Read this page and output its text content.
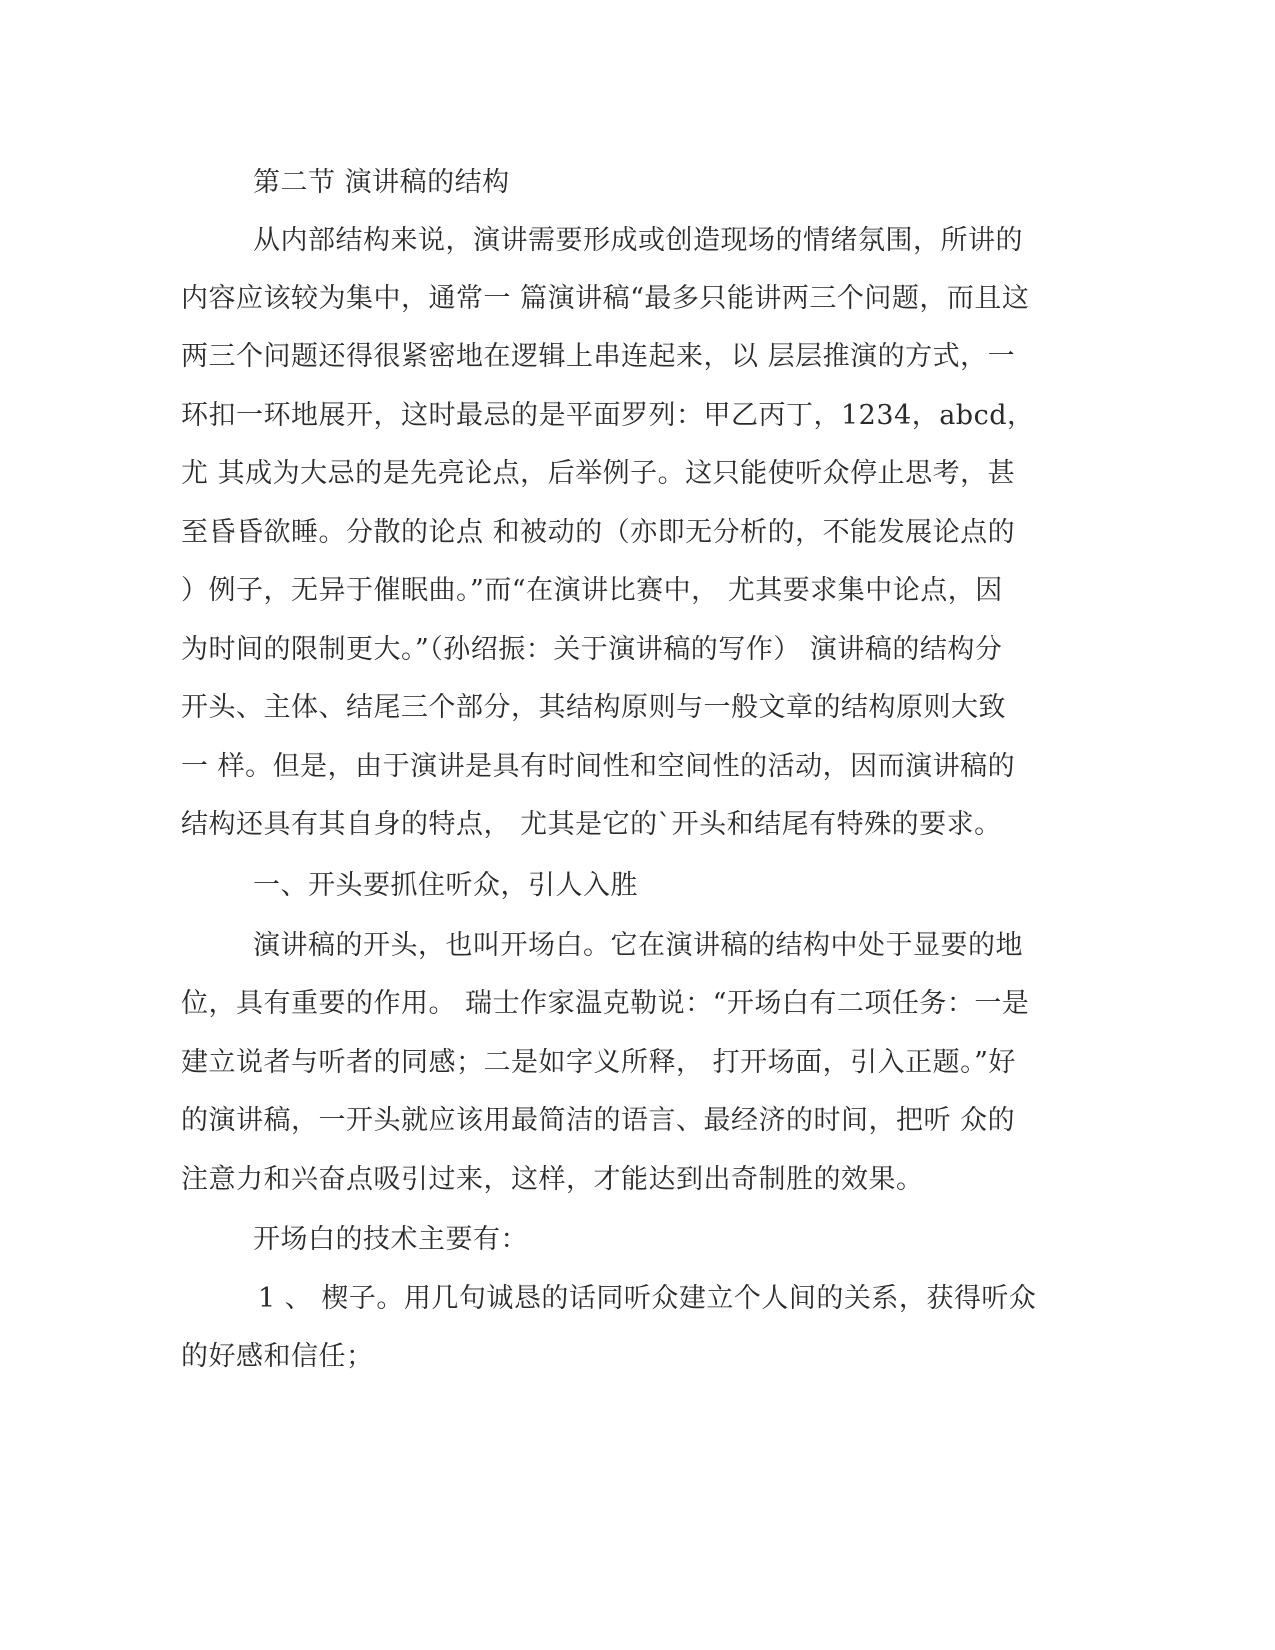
第二节 演讲稿的结构
从内部结构来说，演讲需要形成或创造现场的情绪氛围，所讲的
内容应该较为集中，通常一 篇演讲稿“最多只能讲两三个问题，而且这
两三个问题还得很紧密地在逻辑上串连起来，以 层层推演的方式，一
环扣一环地展开，这时最忌的是平面罗列：甲乙丙丁，1234，abcd，
尤 其成为大忌的是先亮论点，后举例子。这只能使听众停止思考，甚
至昏昏欲睡。分散的论点 和被动的（亦即无分析的，不能发展论点的
）例子，无异于催眠曲。”而“在演讲比赛中， 尤其要求集中论点，因
为时间的限制更大。”（孙绍振：关于演讲稿的写作） 演讲稿的结构分
开头、主体、结尾三个部分，其结构原则与一般文章的结构原则大致
一 样。但是，由于演讲是具有时间性和空间性的活动，因而演讲稿的
结构还具有其自身的特点， 尤其是它的`开头和结尾有特殊的要求。
一、开头要抓住听众，引人入胜
演讲稿的开头，也叫开场白。它在演讲稿的结构中处于显要的地
位，具有重要的作用。 瑞士作家温克勒说：“开场白有二项任务：一是
建立说者与听者的同感；二是如字义所释， 打开场面，引入正题。”好
的演讲稿，一开头就应该用最简洁的语言、最经济的时间，把听 众的
注意力和兴奋点吸引过来，这样，才能达到出奇制胜的效果。
开场白的技术主要有：
1 、 楔子。用几句诚恳的话同听众建立个人间的关系，获得听众
的好感和信任；
